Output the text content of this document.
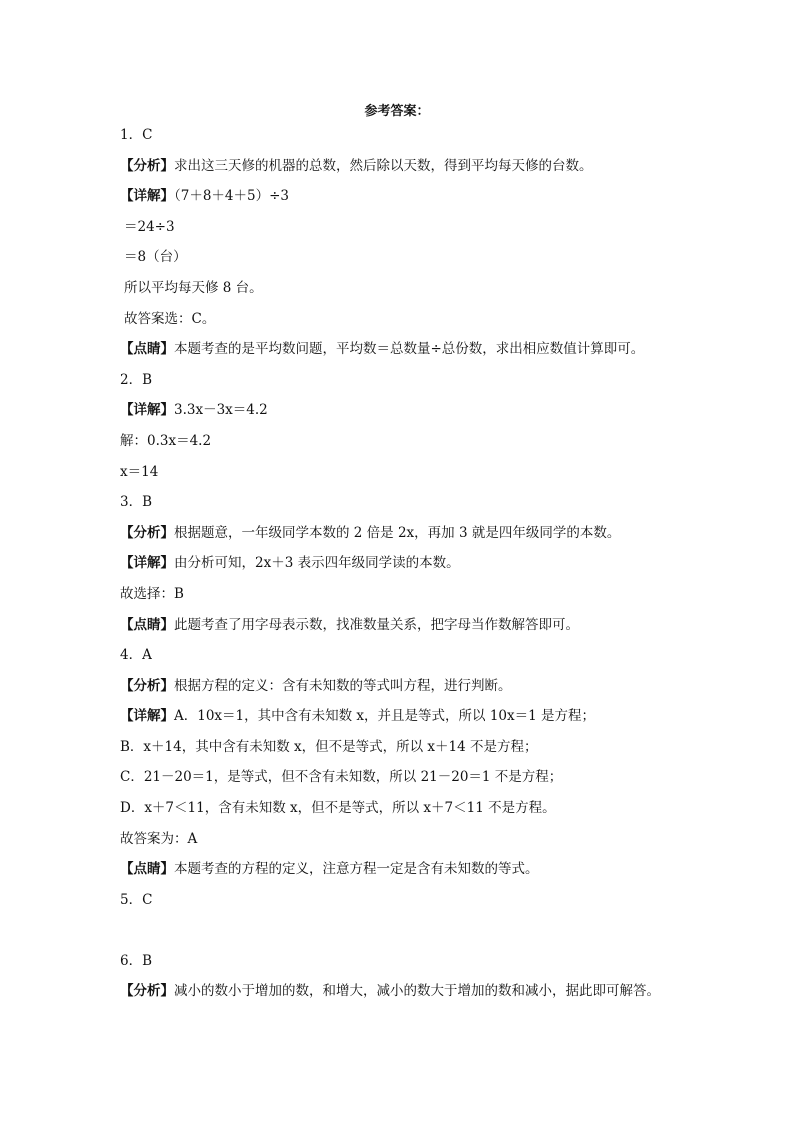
参考答案：
1．C
【分析】求出这三天修的机器的总数，然后除以天数，得到平均每天修的台数。
【详解】（7＋8＋4＋5）÷3
＝24÷3
＝8（台）
所以平均每天修 8 台。
故答案选：C。
【点睛】本题考查的是平均数问题，平均数＝总数量÷总份数，求出相应数值计算即可。
2．B
【详解】3.3x－3x＝4.2
解：0.3x＝4.2
x＝14
3．B
【分析】根据题意，一年级同学本数的 2 倍是 2x，再加 3 就是四年级同学的本数。
【详解】由分析可知，2x＋3 表示四年级同学读的本数。
故选择：B
【点睛】此题考查了用字母表示数，找准数量关系，把字母当作数解答即可。
4．A
【分析】根据方程的定义：含有未知数的等式叫方程，进行判断。
【详解】A．10x＝1，其中含有未知数 x，并且是等式，所以 10x＝1 是方程；
B．x＋14，其中含有未知数 x，但不是等式，所以 x＋14 不是方程；
C．21－20＝1，是等式，但不含有未知数，所以 21－20＝1 不是方程；
D．x＋7＜11，含有未知数 x，但不是等式，所以 x＋7＜11 不是方程。
故答案为：A
【点睛】本题考查的方程的定义，注意方程一定是含有未知数的等式。
5．C
6．B
【分析】减小的数小于增加的数，和增大，减小的数大于增加的数和减小，据此即可解答。
